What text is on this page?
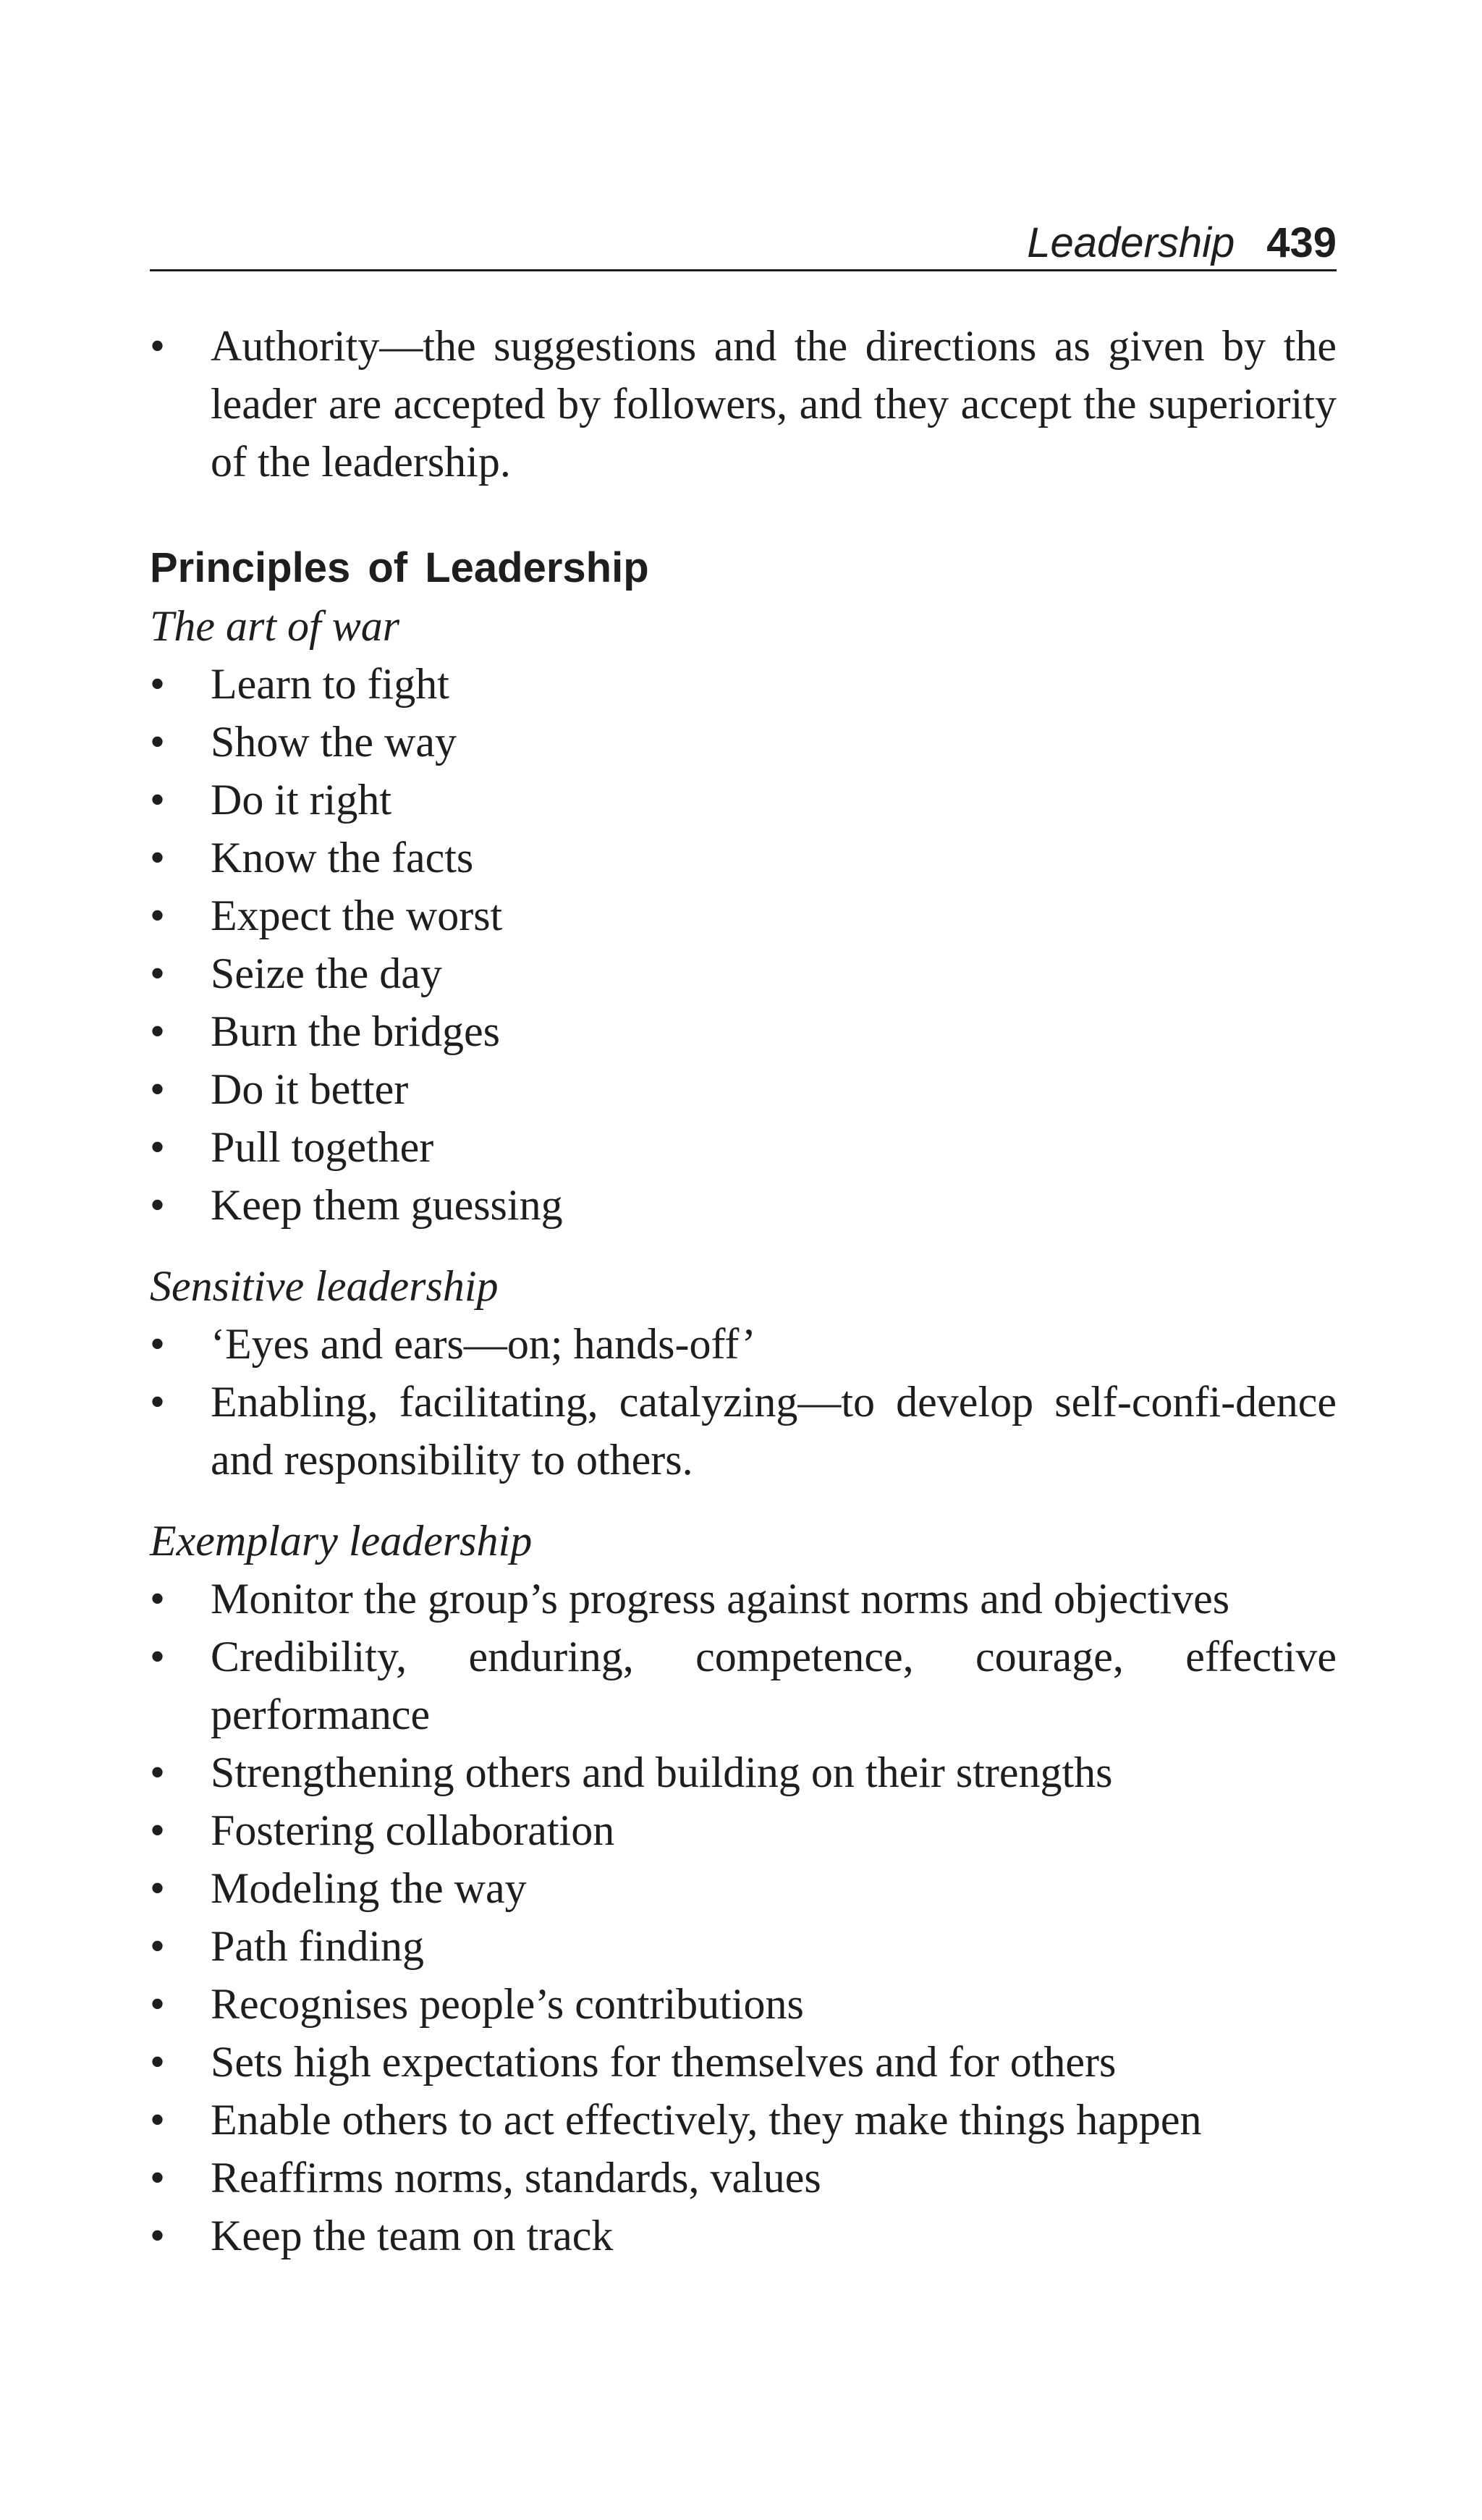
Leadership 439
• Authority—the suggestions and the directions as given by the leader are accepted by followers, and they accept the superiority of the leadership.
Principles of Leadership
The art of war
• Learn to fight
• Show the way
• Do it right
• Know the facts
• Expect the worst
• Seize the day
• Burn the bridges
• Do it better
• Pull together
• Keep them guessing
Sensitive leadership
• ‘Eyes and ears—on; hands-off’
• Enabling, facilitating, catalyzing—to develop self-confi-dence and responsibility to others.
Exemplary leadership
• Monitor the group’s progress against norms and objectives
• Credibility, enduring, competence, courage, effective performance
• Strengthening others and building on their strengths
• Fostering collaboration
• Modeling the way
• Path finding
• Recognises people’s contributions
• Sets high expectations for themselves and for others
• Enable others to act effectively, they make things happen
• Reaffirms norms, standards, values
• Keep the team on track
